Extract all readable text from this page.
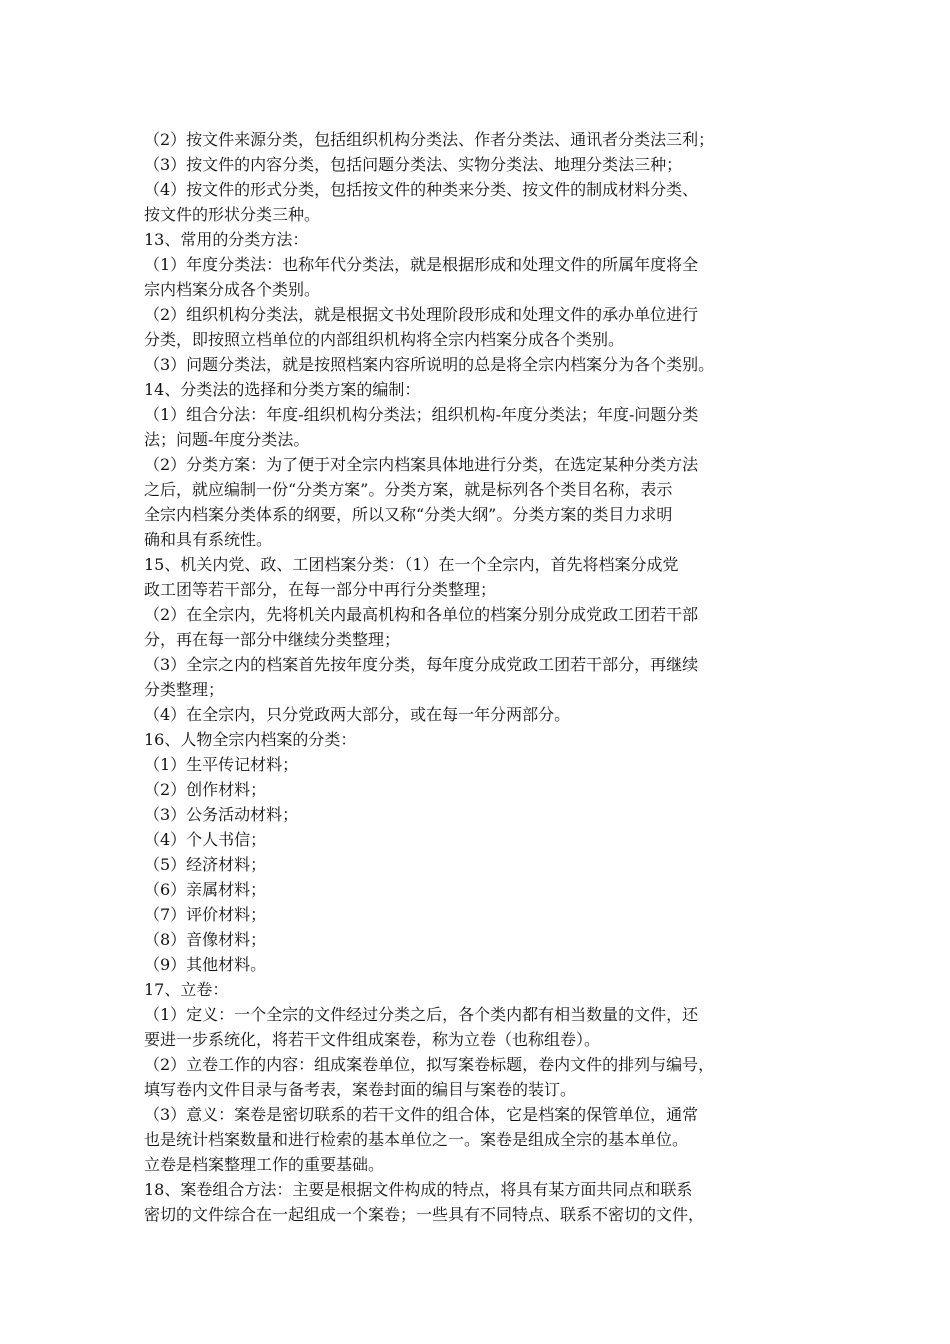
（2）按文件来源分类，包括组织机构分类法、作者分类法、通讯者分类法三利；
（3）按文件的内容分类，包括问题分类法、实物分类法、地理分类法三种；
（4）按文件的形式分类，包括按文件的种类来分类、按文件的制成材料分类、
按文件的形状分类三种。
13、常用的分类方法：
（1）年度分类法：也称年代分类法，就是根据形成和处理文件的所属年度将全
宗内档案分成各个类别。
（2）组织机构分类法，就是根据文书处理阶段形成和处理文件的承办单位进行
分类，即按照立档单位的内部组织机构将全宗内档案分成各个类别。
（3）问题分类法，就是按照档案内容所说明的总是将全宗内档案分为各个类别。
14、分类法的选择和分类方案的编制：
（1）组合分法：年度-组织机构分类法；组织机构-年度分类法；年度-问题分类
法；问题-年度分类法。
（2）分类方案：为了便于对全宗内档案具体地进行分类，在选定某种分类方法
之后，就应编制一份“分类方案”。分类方案，就是标列各个类目名称，表示
全宗内档案分类体系的纲要，所以又称“分类大纲”。分类方案的类目力求明
确和具有系统性。
15、机关内党、政、工团档案分类：（1）在一个全宗内，首先将档案分成党
政工团等若干部分，在每一部分中再行分类整理；
（2）在全宗内，先将机关内最高机构和各单位的档案分别分成党政工团若干部
分，再在每一部分中继续分类整理；
（3）全宗之内的档案首先按年度分类，每年度分成党政工团若干部分，再继续
分类整理；
（4）在全宗内，只分党政两大部分，或在每一年分两部分。
16、人物全宗内档案的分类：
（1）生平传记材料；
（2）创作材料；
（3）公务活动材料；
（4）个人书信；
（5）经济材料；
（6）亲属材料；
（7）评价材料；
（8）音像材料；
（9）其他材料。
17、立卷：
（1）定义：一个全宗的文件经过分类之后，各个类内都有相当数量的文件，还
要进一步系统化，将若干文件组成案卷，称为立卷（也称组卷）。
（2）立卷工作的内容：组成案卷单位，拟写案卷标题，卷内文件的排列与编号，
填写卷内文件目录与备考表，案卷封面的编目与案卷的装订。
（3）意义：案卷是密切联系的若干文件的组合体，它是档案的保管单位，通常
也是统计档案数量和进行检索的基本单位之一。案卷是组成全宗的基本单位。
立卷是档案整理工作的重要基础。
18、案卷组合方法：主要是根据文件构成的特点，将具有某方面共同点和联系
密切的文件综合在一起组成一个案卷；一些具有不同特点、联系不密切的文件，
